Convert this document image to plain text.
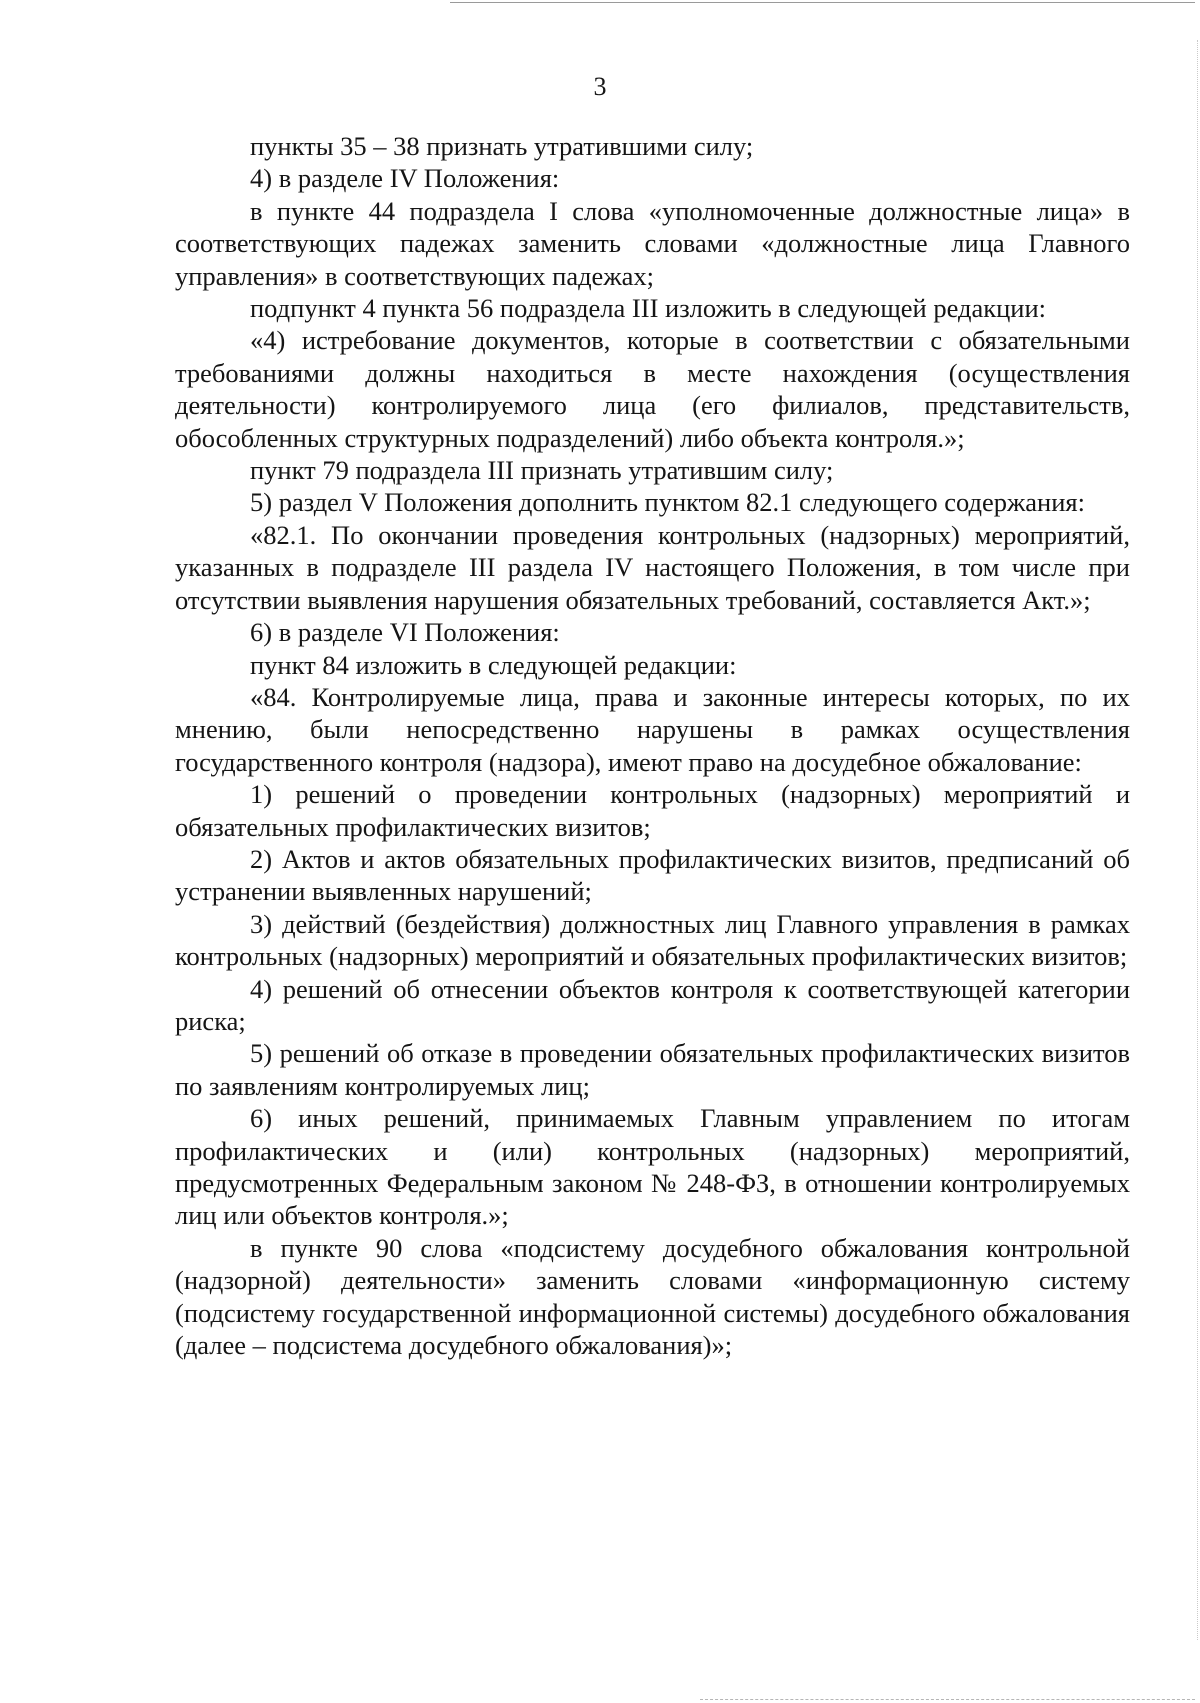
3

пункты 35 – 38 признать утратившими силу;

4) в разделе IV Положения:

в пункте 44 подраздела I слова «уполномоченные должностные лица» в соответствующих падежах заменить словами «должностные лица Главного управления» в соответствующих падежах;

подпункт 4 пункта 56 подраздела III изложить в следующей редакции:

«4) истребование документов, которые в соответствии с обязательными требованиями должны находиться в месте нахождения (осуществления деятельности) контролируемого лица (его филиалов, представительств, обособленных структурных подразделений) либо объекта контроля.»;

пункт 79 подраздела III признать утратившим силу;

5) раздел V Положения дополнить пунктом 82.1 следующего содержания:

«82.1. По окончании проведения контрольных (надзорных) мероприятий, указанных в подразделе III раздела IV настоящего Положения, в том числе при отсутствии выявления нарушения обязательных требований, составляется Акт.»;

6) в разделе VI Положения:

пункт 84 изложить в следующей редакции:

«84. Контролируемые лица, права и законные интересы которых, по их мнению, были непосредственно нарушены в рамках осуществления государственного контроля (надзора), имеют право на досудебное обжалование:

1) решений о проведении контрольных (надзорных) мероприятий и обязательных профилактических визитов;

2) Актов и актов обязательных профилактических визитов, предписаний об устранении выявленных нарушений;

3) действий (бездействия) должностных лиц Главного управления в рамках контрольных (надзорных) мероприятий и обязательных профилактических визитов;

4) решений об отнесении объектов контроля к соответствующей категории риска;

5) решений об отказе в проведении обязательных профилактических визитов по заявлениям контролируемых лиц;

6) иных решений, принимаемых Главным управлением по итогам профилактических и (или) контрольных (надзорных) мероприятий, предусмотренных Федеральным законом № 248-ФЗ, в отношении контролируемых лиц или объектов контроля.»;

в пункте 90 слова «подсистему досудебного обжалования контрольной (надзорной) деятельности» заменить словами «информационную систему (подсистему государственной информационной системы) досудебного обжалования (далее – подсистема досудебного обжалования)»;
